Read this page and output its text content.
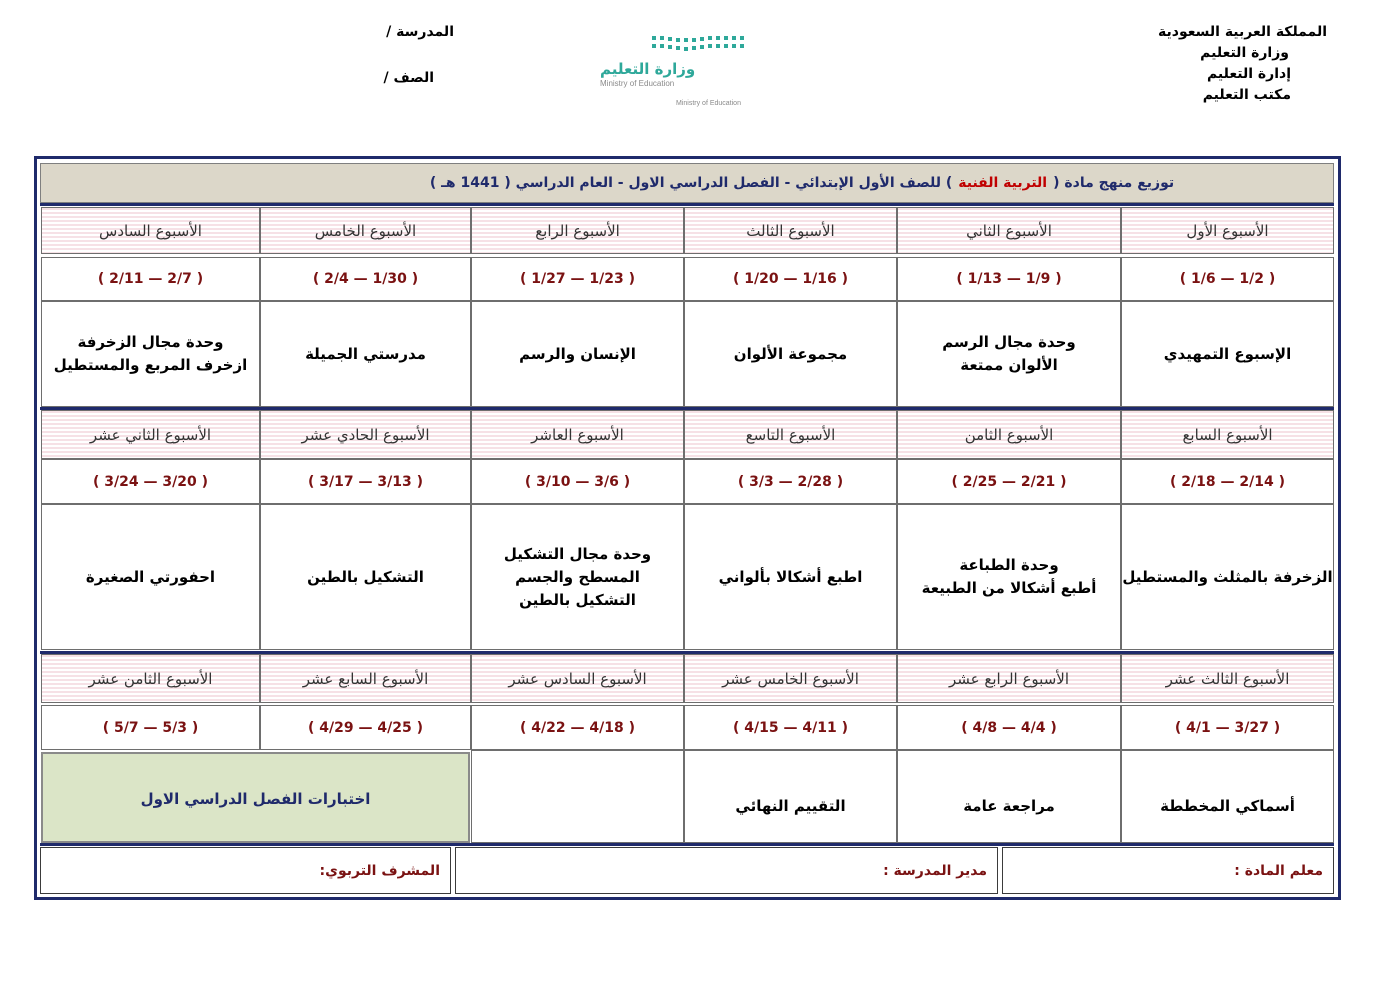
المملكة العربية السعودية
وزارة التعليم
إدارة التعليم
مكتب التعليم
المدرسة /
الصف /	وزارة التعليم
Ministry of Education
Ministry of Education
توزيع منهج مادة (
التربية الفنية
) للصف الأول الإبتدائي - الفصل الدراسي الاول - العام الدراسي ( 1441 هـ )
الأسبوع الأول
( 1/2 — 1/6 )
الإسبوع التمهيدي
الأسبوع الثاني
( 1/9 — 1/13 )
وحدة مجال الرسم
الألوان ممتعة
الأسبوع الثالث
( 1/16 — 1/20 )
مجموعة الألوان
الأسبوع الرابع
( 1/23 — 1/27 )
الإنسان والرسم
الأسبوع الخامس
( 1/30 — 2/4 )
مدرستي الجميلة
الأسبوع السادس
( 2/7 — 2/11 )
وحدة مجال الزخرفة
ازخرف المربع والمستطيل
الأسبوع السابع
( 2/14 — 2/18 )
الزخرفة بالمثلث والمستطيل
الأسبوع الثامن
( 2/21 — 2/25 )
وحدة الطباعة
أطبع أشكالا من الطبيعة
الأسبوع التاسع
( 2/28 — 3/3 )
اطبع أشكالا بألواني
الأسبوع العاشر
( 3/6 — 3/10 )
وحدة مجال التشكيل
المسطح والجسم
التشكيل بالطين
الأسبوع الحادي عشر
( 3/13 — 3/17 )
التشكيل بالطين
الأسبوع الثاني عشر
( 3/20 — 3/24 )
احفورتي الصغيرة
الأسبوع الثالث عشر
( 3/27 — 4/1 )
أسماكي المخططة
الأسبوع الرابع عشر
( 4/4 — 4/8 )
مراجعة عامة
الأسبوع الخامس عشر
( 4/11 — 4/15 )
التقييم النهائي
الأسبوع السادس عشر
( 4/18 — 4/22 )
الأسبوع السابع عشر
( 4/25 — 4/29 )
الأسبوع الثامن عشر
( 5/3 — 5/7 )
اختبارات الفصل الدراسي الاول
معلم المادة :
مدير المدرسة :
المشرف التربوي:
